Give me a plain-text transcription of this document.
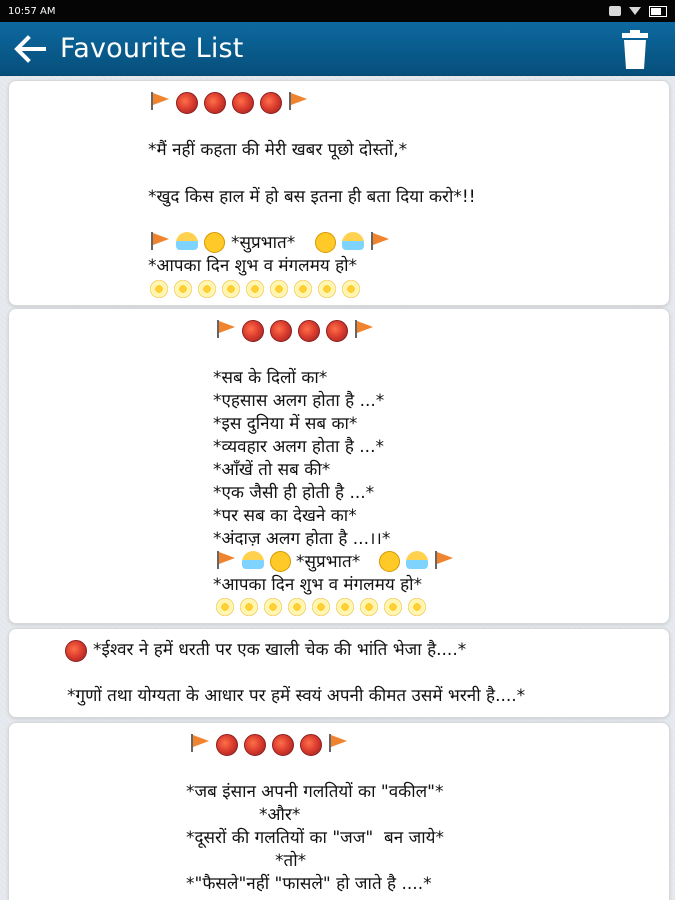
10:57 AM
Favourite List
*मैं नहीं कहता की मेरी खबर पूछो दोस्तों,*
*खुद किस हाल में हो बस इतना ही बता दिया करो*!!
*सुप्रभात*
*आपका दिन शुभ व मंगलमय हो*
*सब के दिलों का*
*एहसास अलग होता है ...*
*इस दुनिया में सब का*
*व्यवहार अलग होता है ...*
*आँखें तो सब की*
*एक जैसी ही होती है ...*
*पर सब का देखने का*
*अंदाज़ अलग होता है ...।।*
*सुप्रभात*
*आपका दिन शुभ व मंगलमय हो*
*ईश्वर ने हमें धरती पर एक खाली चेक की भांति भेजा है....*
*गुणों तथा योग्यता के आधार पर हमें स्वयं अपनी कीमत उसमें भरनी है....*
*जब इंसान अपनी गलतियों का "वकील"*
*और*
*दूसरों की गलतियों का "जज"  बन जाये*
*तो*
*"फैसले"नहीं "फासले" हो जाते है ....*
